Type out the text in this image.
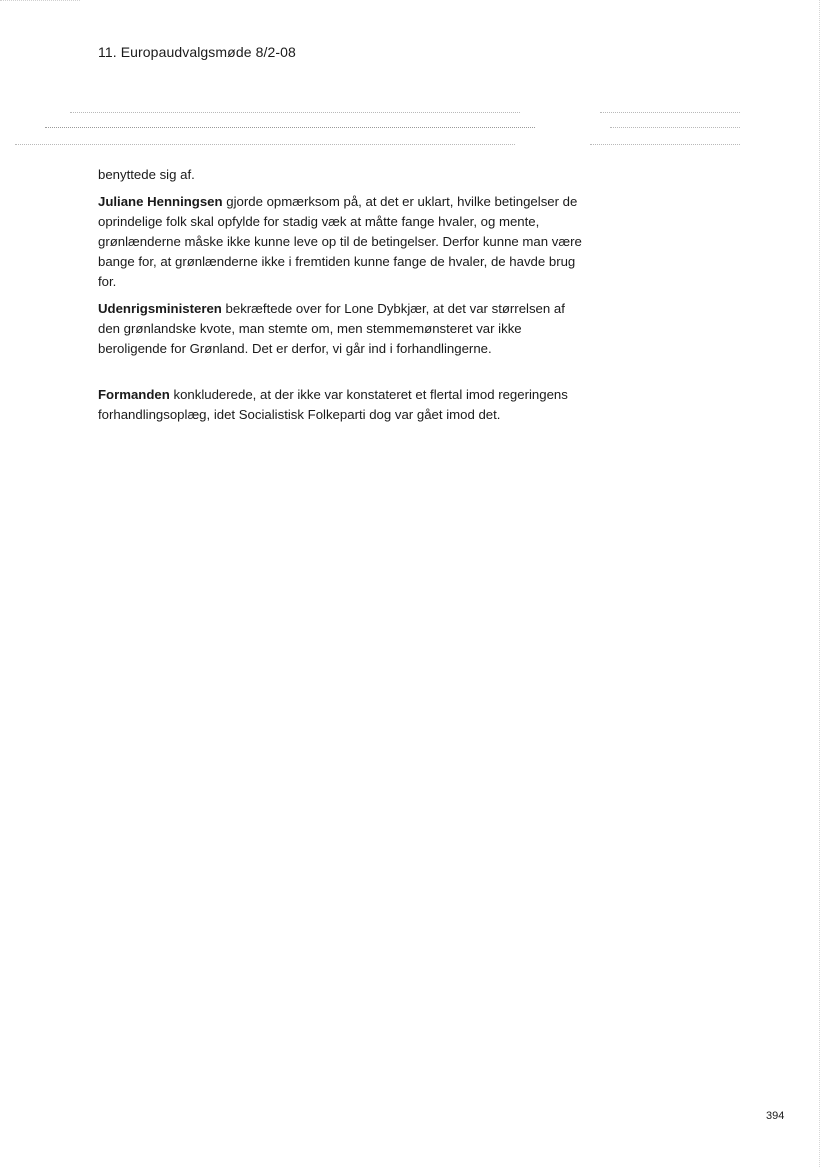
11. Europaudvalgsmøde 8/2-08

benyttede sig af.

Juliane Henningsen gjorde opmærksom på, at det er uklart, hvilke betingelser de oprindelige folk skal opfylde for stadig væk at måtte fange hvaler, og mente, grønlænderne måske ikke kunne leve op til de betingelser. Derfor kunne man være bange for, at grønlænderne ikke i fremtiden kunne fange de hvaler, de havde brug for.

Udenrigsministeren bekræftede over for Lone Dybkjær, at det var størrelsen af den grønlandske kvote, man stemte om, men stemmemønsteret var ikke beroligende for Grønland. Det er derfor, vi går ind i forhandlingerne.

Formanden konkluderede, at der ikke var konstateret et flertal imod regeringens forhandlingsoplæg, idet Socialistisk Folkeparti dog var gået imod det.

394
